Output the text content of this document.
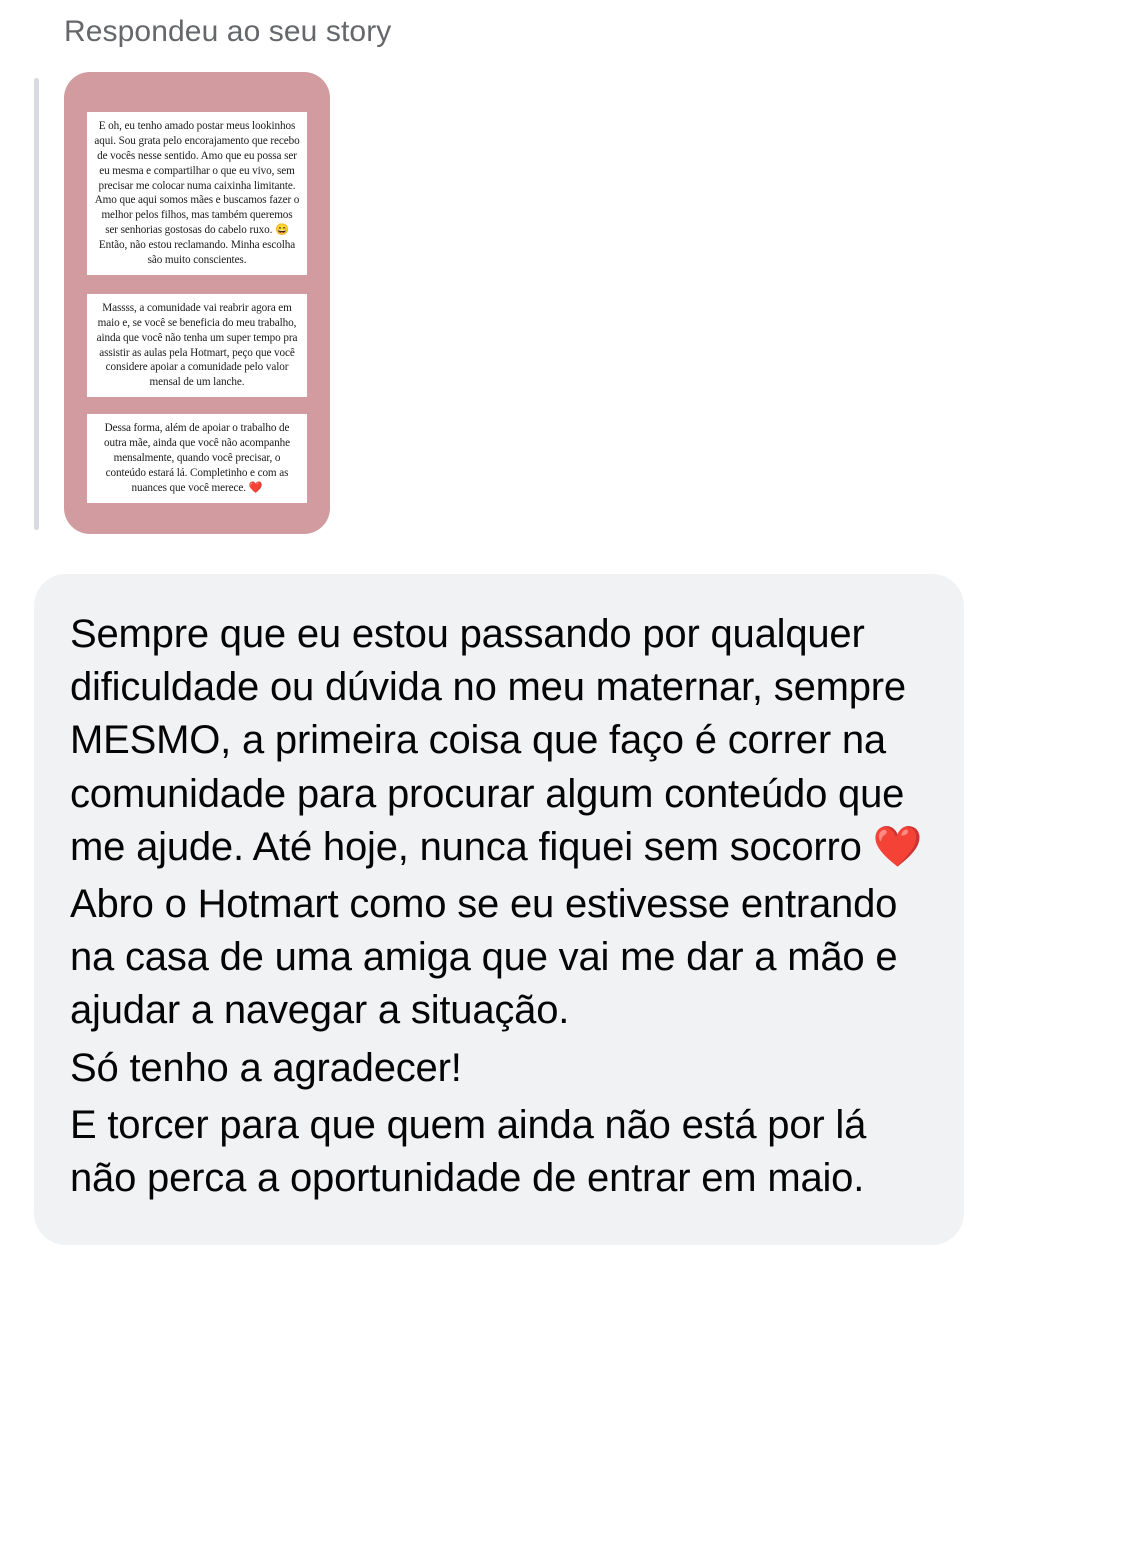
Respondeu ao seu story
E oh, eu tenho amado postar meus lookinhos aqui. Sou grata pelo encorajamento que recebo de vocês nesse sentido. Amo que eu possa ser eu mesma e compartilhar o que eu vivo, sem precisar me colocar numa caixinha limitante. Amo que aqui somos mães e buscamos fazer o melhor pelos filhos, mas também queremos ser senhorias gostosas do cabelo ruxo. 😄 Então, não estou reclamando. Minha escolha são muito conscientes.
Massss, a comunidade vai reabrir agora em maio e, se você se beneficia do meu trabalho, ainda que você não tenha um super tempo pra assistir as aulas pela Hotmart, peço que você considere apoiar a comunidade pelo valor mensal de um lanche.
Dessa forma, além de apoiar o trabalho de outra mãe, ainda que você não acompanhe mensalmente, quando você precisar, o conteúdo estará lá. Completinho e com as nuances que você merece. ❤️

Sempre que eu estou passando por qualquer dificuldade ou dúvida no meu maternar, sempre MESMO, a primeira coisa que faço é correr na comunidade para procurar algum conteúdo que me ajude. Até hoje, nunca fiquei sem socorro ❤️

Abro o Hotmart como se eu estivesse entrando na casa de uma amiga que vai me dar a mão e ajudar a navegar a situação.

Só tenho a agradecer!

E torcer para que quem ainda não está por lá não perca a oportunidade de entrar em maio.
